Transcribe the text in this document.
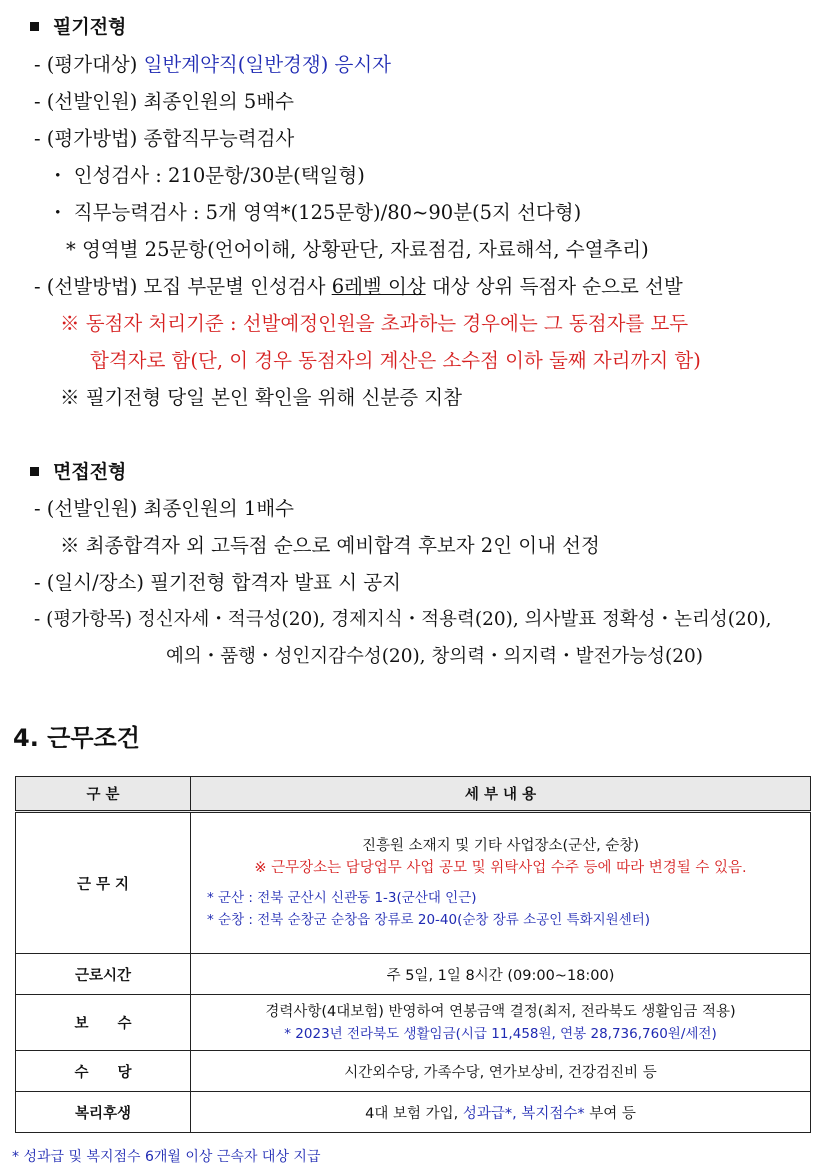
필기전형
- (평가대상) 일반계약직(일반경쟁) 응시자
- (선발인원) 최종인원의 5배수
- (평가방법) 종합직무능력검사
・ 인성검사 : 210문항/30분(택일형)
・ 직무능력검사 : 5개 영역*(125문항)/80~90분(5지 선다형)
* 영역별 25문항(언어이해, 상황판단, 자료점검, 자료해석, 수열추리)
- (선발방법) 모집 부문별 인성검사 6레벨 이상 대상 상위 득점자 순으로 선발
※ 동점자 처리기준 : 선발예정인원을 초과하는 경우에는 그 동점자를 모두
합격자로 함(단, 이 경우 동점자의 계산은 소수점 이하 둘째 자리까지 함)
※ 필기전형 당일 본인 확인을 위해 신분증 지참
면접전형
- (선발인원) 최종인원의 1배수
※ 최종합격자 외 고득점 순으로 예비합격 후보자 2인 이내 선정
- (일시/장소) 필기전형 합격자 발표 시 공지
- (평가항목) 정신자세・적극성(20), 경제지식・적용력(20), 의사발표 정확성・논리성(20),
예의・품행・성인지감수성(20), 창의력・의지력・발전가능성(20)
4. 근무조건
구 분	세 부 내 용
근 무 지	진흥원 소재지 및 기타 사업장소(군산, 순창)
※ 근무장소는 담당업무 사업 공모 및 위탁사업 수주 등에 따라 변경될 수 있음.
* 군산 : 전북 군산시 신관동 1-3(군산대 인근)
* 순창 : 전북 순창군 순창읍 장류로 20-40(순창 장류 소공인 특화지원센터)

근로시간	주 5일, 1일 8시간 (09:00~18:00)
보　　수	경력사항(4대보험) 반영하여 연봉금액 결정(최저, 전라북도 생활임금 적용)
* 2023년 전라북도 생활임금(시급 11,458원, 연봉 28,736,760원/세전)

수　　당	시간외수당, 가족수당, 연가보상비, 건강검진비 등
복리후생	4대 보험 가입, 성과급*, 복지점수* 부여 등
* 성과급 및 복지점수 6개월 이상 근속자 대상 지급
